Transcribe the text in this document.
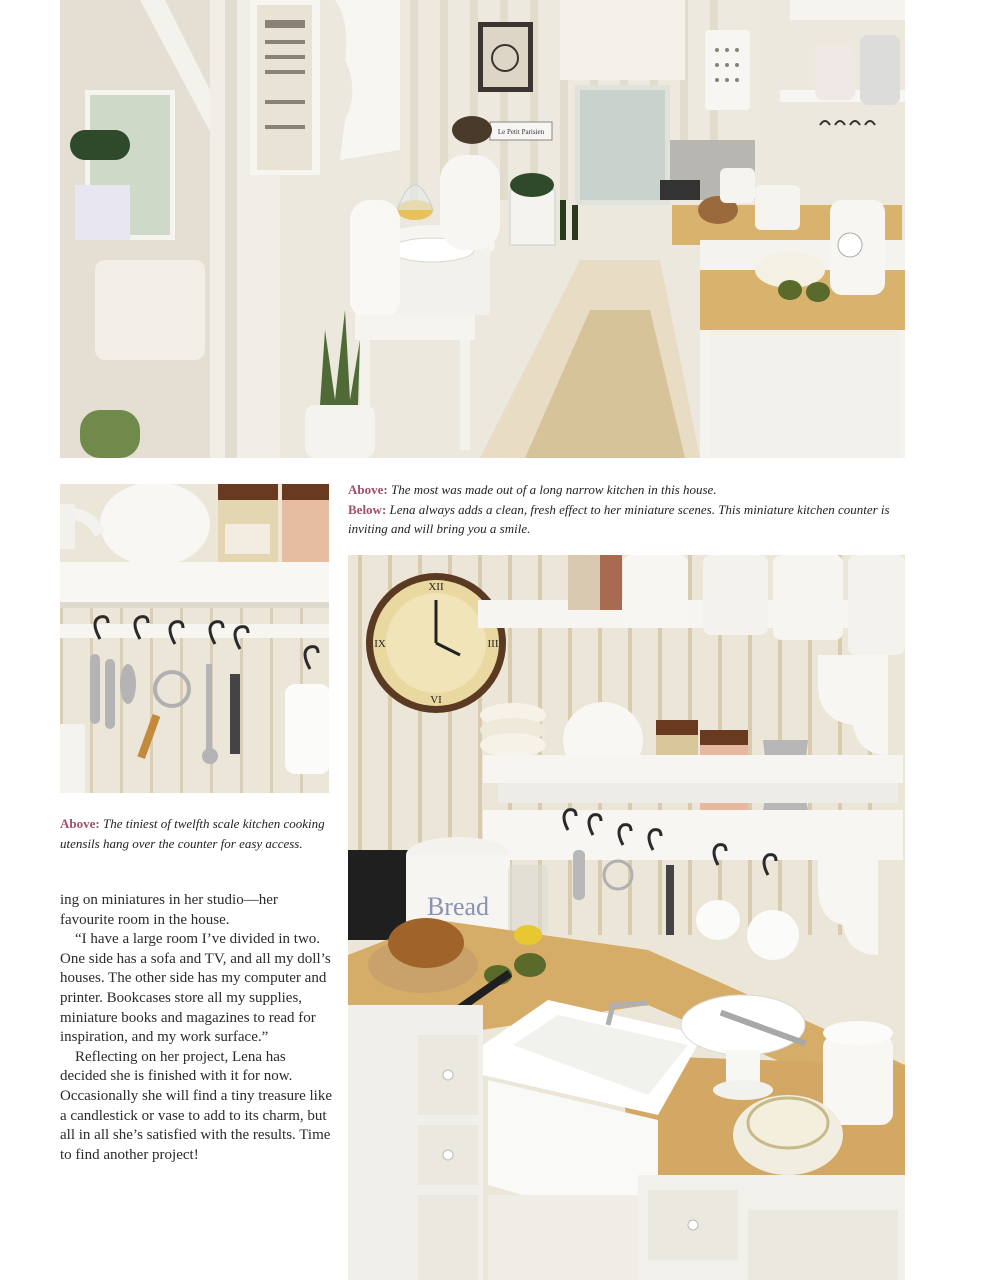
Le Petit Parisien
XII
III
VI
IX
Bread
Above: The most was made out of a long narrow kitchen in this house.
Below: Lena always adds a clean, fresh effect to her miniature scenes. This miniature kitchen counter is inviting and will bring you a smile.
Above: The tiniest of twelfth scale kitchen cooking utensils hang over the counter for easy access.

ing on miniatures in her studio—her favourite room in the house.

“I have a large room I’ve divided in two. One side has a sofa and TV, and all my doll’s houses. The other side has my computer and printer. Bookcases store all my supplies, miniature books and magazines to read for inspiration, and my work surface.”

Reflecting on her project, Lena has decided she is finished with it for now. Occasionally she will find a tiny treasure like a candlestick or vase to add to its charm, but all in all she’s satisfied with the results. Time to find another project!
